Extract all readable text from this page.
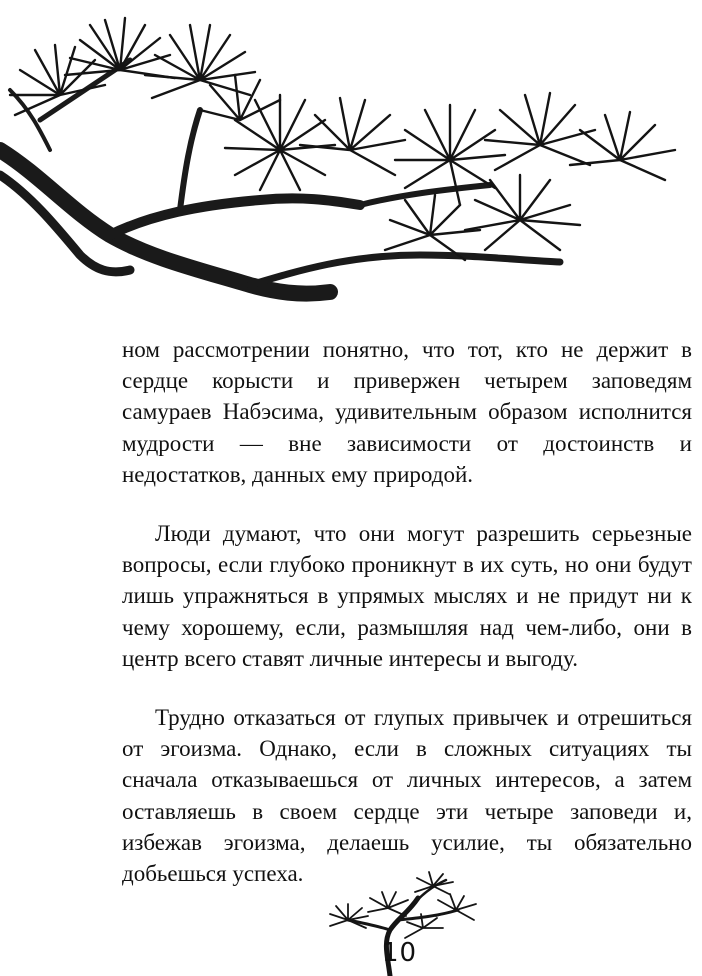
ном рассмотрении понятно, что тот, кто не держит в сердце корысти и привержен четырем заповедям самураев Набэсима, удивительным образом исполнится мудрости — вне зависимости от достоинств и недостатков, данных ему природой.

Люди думают, что они могут разрешить серьезные вопросы, если глубоко проникнут в их суть, но они будут лишь упражняться в упрямых мыслях и не придут ни к чему хорошему, если, размышляя над чем-либо, они в центр всего ставят личные интересы и выгоду.

Трудно отказаться от глупых привычек и отрешиться от эгоизма. Однако, если в сложных ситуациях ты сначала отказываешься от личных интересов, а затем оставляешь в своем сердце эти четыре заповеди и, избежав эгоизма, делаешь усилие, ты обязательно добьешься успеха.

10
